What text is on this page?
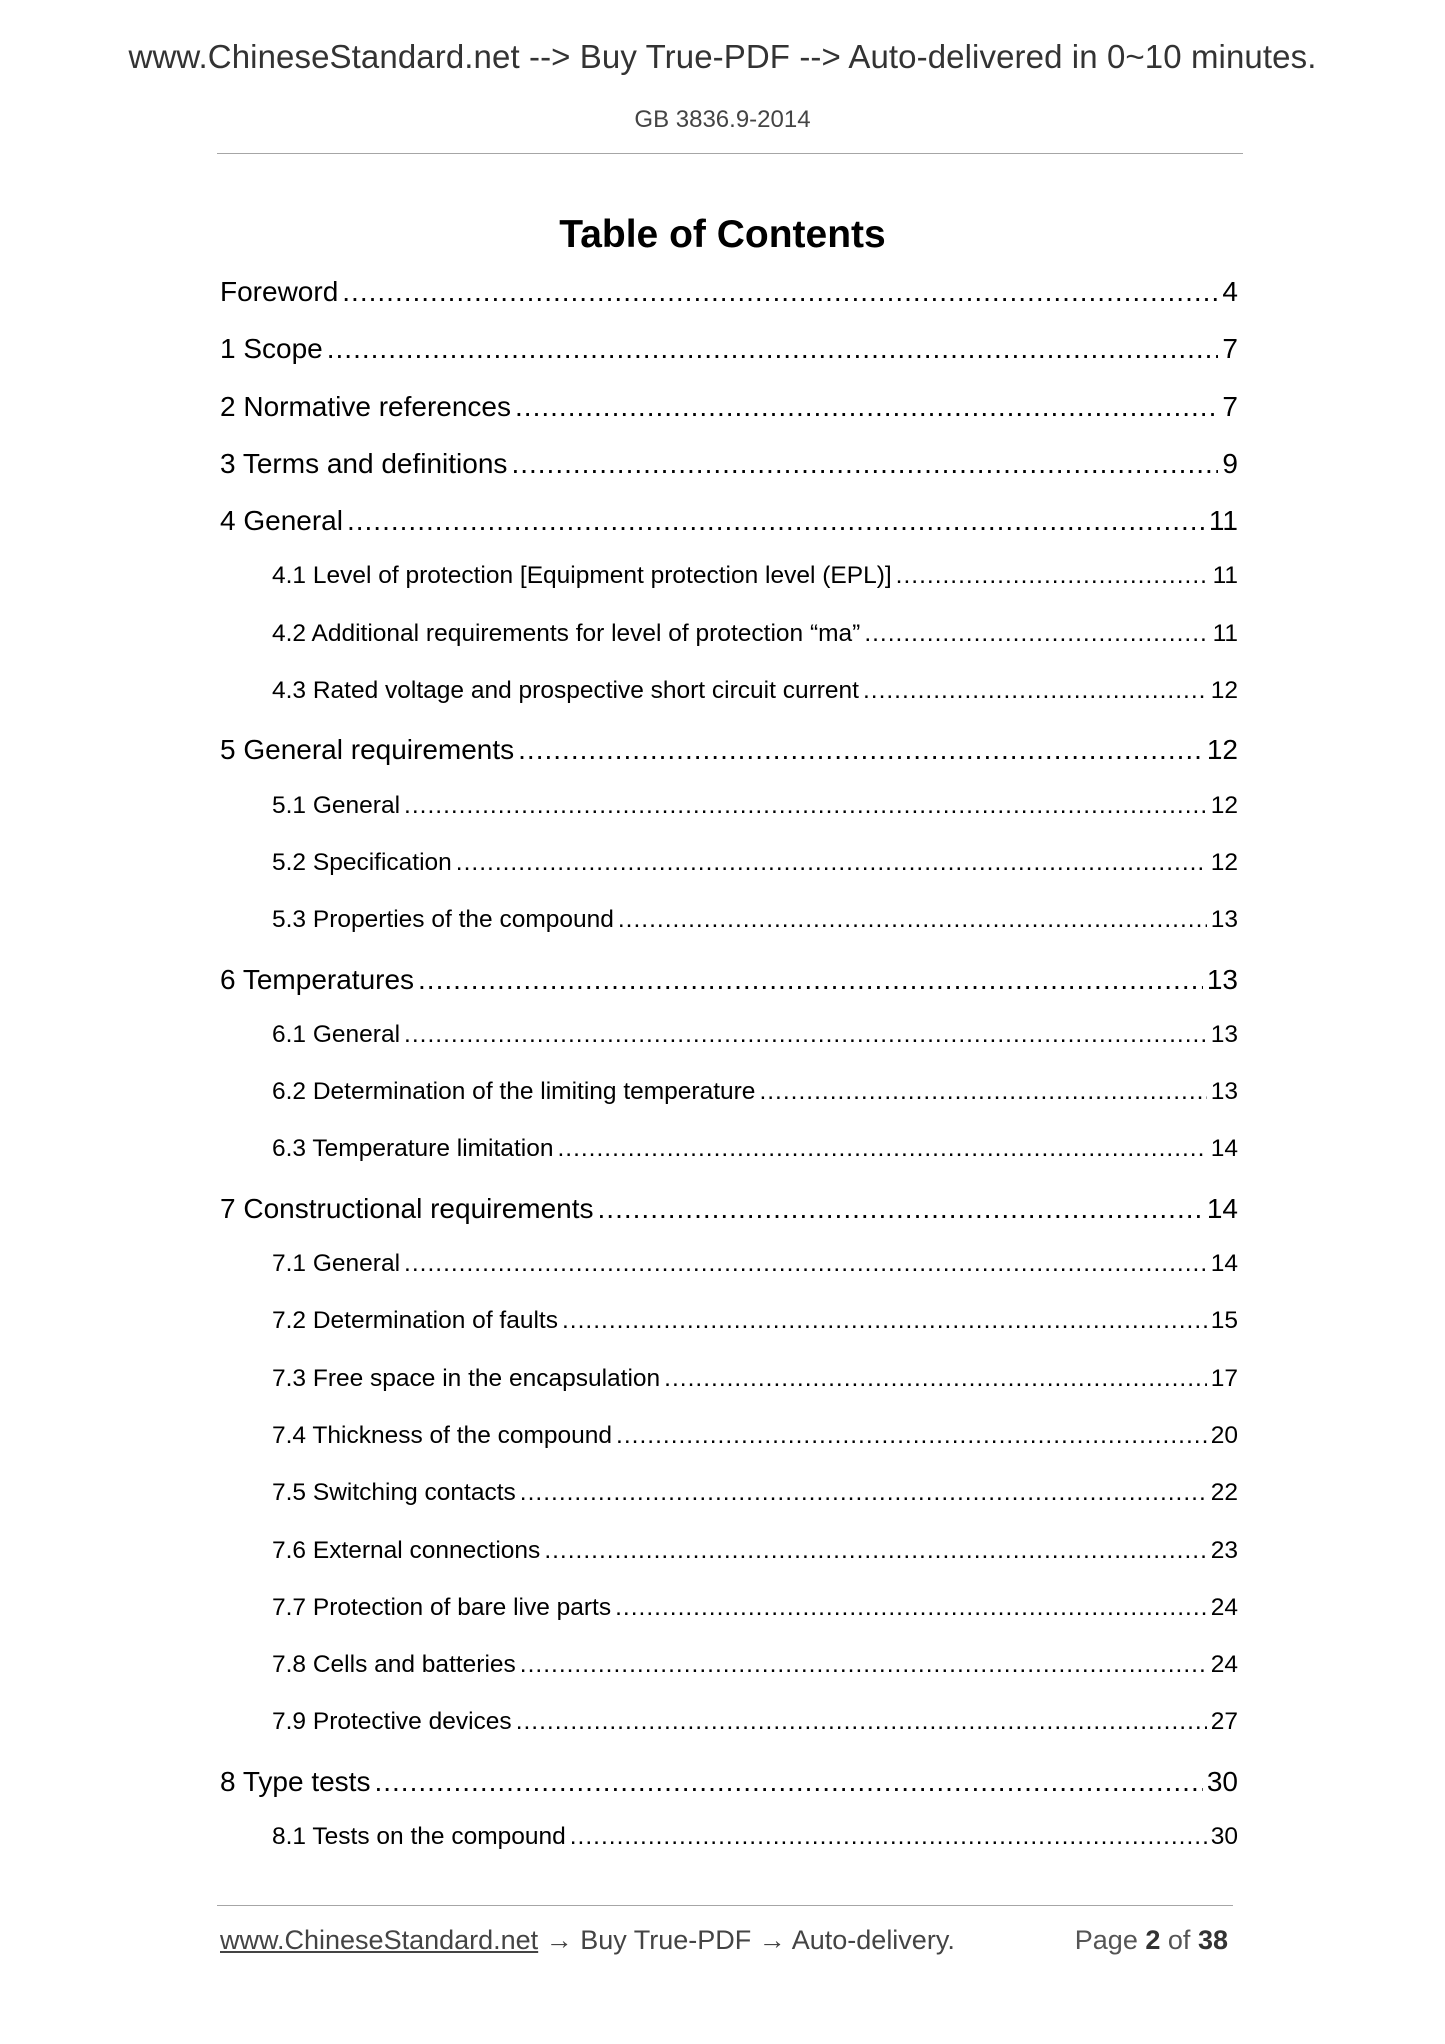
www.ChineseStandard.net --> Buy True-PDF --> Auto-delivered in 0~10 minutes.
GB 3836.9-2014
Table of Contents
Foreword .....	4
1 Scope .....	7
2 Normative references .....	7
3 Terms and definitions .....	9
4 General .....	11
4.1 Level of protection [Equipment protection level (EPL)] .....	11
4.2 Additional requirements for level of protection “ma” .....	11
4.3 Rated voltage and prospective short circuit current .....	12
5 General requirements .....	12
5.1 General .....	12
5.2 Specification .....	12
5.3 Properties of the compound .....	13
6 Temperatures .....	13
6.1 General .....	13
6.2 Determination of the limiting temperature .....	13
6.3 Temperature limitation .....	14
7 Constructional requirements .....	14
7.1 General .....	14
7.2 Determination of faults .....	15
7.3 Free space in the encapsulation .....	17
7.4 Thickness of the compound .....	20
7.5 Switching contacts .....	22
7.6 External connections .....	23
7.7 Protection of bare live parts .....	24
7.8 Cells and batteries .....	24
7.9 Protective devices .....	27
8 Type tests .....	30
8.1 Tests on the compound .....	30
www.ChineseStandard.net → Buy True-PDF → Auto-delivery.	Page 2 of 38
